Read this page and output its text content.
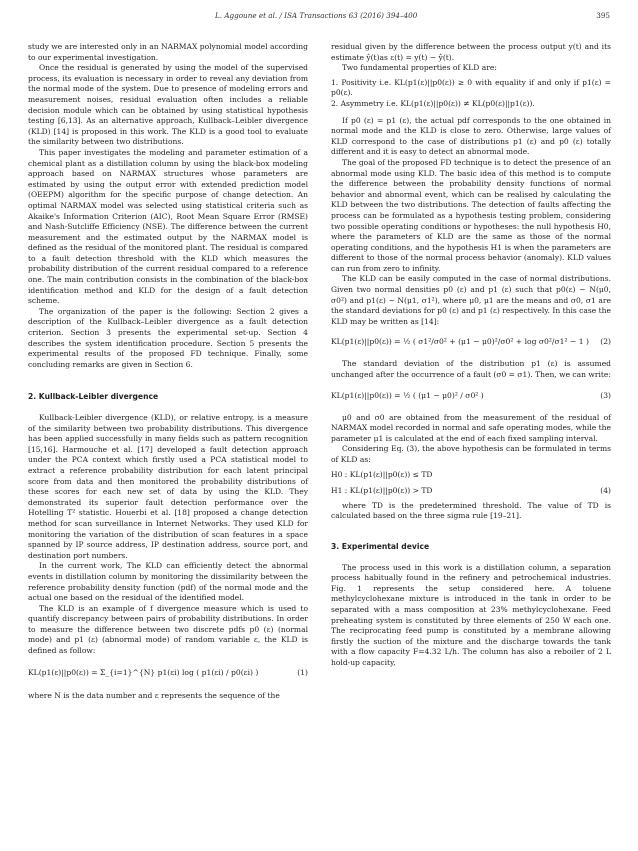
L. Aggoune et al. / ISA Transactions 63 (2016) 394–400	395

study we are interested only in an NARMAX polynomial model according to our experimental investigation.

Once the residual is generated by using the model of the supervised process, its evaluation is necessary in order to reveal any deviation from the normal mode of the system. Due to presence of modeling errors and measurement noises, residual evaluation often includes a reliable decision module which can be obtained by using statistical hypothesis testing [6,13]. As an alternative approach, Kullback–Leibler divergence (KLD) [14] is proposed in this work. The KLD is a good tool to evaluate the similarity between two distributions.

This paper investigates the modeling and parameter estimation of a chemical plant as a distillation column by using the black-box modeling approach based on NARMAX structures whose parameters are estimated by using the output error with extended prediction model (OEEPM) algorithm for the specific purpose of change detection. An optimal NARMAX model was selected using statistical criteria such as Akaike's Information Criterion (AIC), Root Mean Square Error (RMSE) and Nash-Sutcliffe Efficiency (NSE). The difference between the current measurement and the estimated output by the NARMAX model is defined as the residual of the monitored plant. The residual is compared to a fault detection threshold with the KLD which measures the probability distribution of the current residual compared to a reference one. The main contribution consists in the combination of the black-box identification method and KLD for the design of a fault detection scheme.

The organization of the paper is the following: Section 2 gives a description of the Kullback–Leibler divergence as a fault detection criterion. Section 3 presents the experimental set-up. Section 4 describes the system identification procedure. Section 5 presents the experimental results of the proposed FD technique. Finally, some concluding remarks are given in Section 6.

2. Kullback-Leibler divergence

Kullback-Leibler divergence (KLD), or relative entropy, is a measure of the similarity between two probability distributions. This divergence has been applied successfully in many fields such as pattern recognition [15,16]. Harmouche et al. [17] developed a fault detection approach under the PCA context which firstly used a PCA statistical model to extract a reference probability distribution for each latent principal score from data and then monitored the probability distributions of these scores for each new set of data by using the KLD. They demonstrated its superior fault detection performance over the Hotelling T² statistic. Houerbi et al. [18] proposed a change detection method for scan surveillance in Internet Networks. They used KLD for monitoring the variation of the distribution of scan features in a space spanned by IP source address, IP destination address, source port, and destination port numbers.

In the current work, The KLD can efficiently detect the abnormal events in distillation column by monitoring the dissimilarity between the reference probability density function (pdf) of the normal mode and the actual one based on the residual of the identified model.

The KLD is an example of f divergence measure which is used to quantify discrepancy between pairs of probability distributions. In order to measure the difference between two discrete pdfs p0 (ε) (normal mode) and p1 (ε) (abnormal mode) of random variable ε, the KLD is defined as follow:

KL(p1(ε)||p0(ε)) = Σ_{i=1}^{N} p1(εi) log ( p1(εi) / p0(εi) )	(1)

where N is the data number and ε represents the sequence of the

residual given by the difference between the process output y(t) and its estimate ŷ(t)as ε(t) = y(t) − ŷ(t).

Two fundamental properties of KLD are:

1. Positivity i.e. KL(p1(ε)||p0(ε)) ≥ 0 with equality if and only if p1(ε) = p0(ε).

2. Asymmetry i.e. KL(p1(ε)||p0(ε)) ≠ KL(p0(ε)||p1(ε)).

If p0 (ε) = p1 (ε), the actual pdf corresponds to the one obtained in normal mode and the KLD is close to zero. Otherwise, large values of KLD correspond to the case of distributions p1 (ε) and p0 (ε) totally different and it is easy to detect an abnormal mode.

The goal of the proposed FD technique is to detect the presence of an abnormal mode using KLD. The basic idea of this method is to compute the difference between the probability density functions of normal behavior and abnormal event, which can be realised by calculating the KLD between the two distributions. The detection of faults affecting the process can be formulated as a hypothesis testing problem, considering two possible operating conditions or hypotheses: the null hypothesis H0, where the parameters of KLD are the same as those of the normal operating conditions, and the hypothesis H1 is when the parameters are different to those of the normal process behavior (anomaly). KLD values can run from zero to infinity.

The KLD can be easily computed in the case of normal distributions. Given two normal densities p0 (ε) and p1 (ε) such that p0(ε) ~ N(μ0, σ0²) and p1(ε) ~ N(μ1, σ1²), where μ0, μ1 are the means and σ0, σ1 are the standard deviations for p0 (ε) and p1 (ε) respectively. In this case the KLD may be written as [14]:

KL(p1(ε)||p0(ε)) = ½ ( σ1²/σ0² + (μ1 − μ0)²/σ0² + log σ0²/σ1² − 1 ) (2)

The standard deviation of the distribution p1 (ε) is assumed unchanged after the occurrence of a fault (σ0 = σ1). Then, we can write:

KL(p1(ε)||p0(ε)) = ½ ( (μ1 − μ0)² / σ0² )	(3)

μ0 and σ0 are obtained from the measurement of the residual of NARMAX model recorded in normal and safe operating modes, while the parameter μ1 is calculated at the end of each fixed sampling interval.

Considering Eq. (3), the above hypothesis can be formulated in terms of KLD as:

H0 : KL(p1(ε)||p0(ε)) ≤ TD

H1 : KL(p1(ε)||p0(ε)) > TD	(4)

where TD is the predetermined threshold. The value of TD is calculated based on the three sigma rule [19–21].

3. Experimental device

The process used in this work is a distillation column, a separation process habitually found in the refinery and petrochemical industries. Fig. 1 represents the setup considered here. A toluene methylcyclohexane mixture is introduced in the tank in order to be separated with a mass composition at 23% methylcyclohexane. Feed preheating system is constituted by three elements of 250 W each one. The reciprocating feed pump is constituted by a membrane allowing firstly the suction of the mixture and the discharge towards the tank with a flow capacity F=4.32 L/h. The column has also a reboiler of 2 L hold-up capacity,
